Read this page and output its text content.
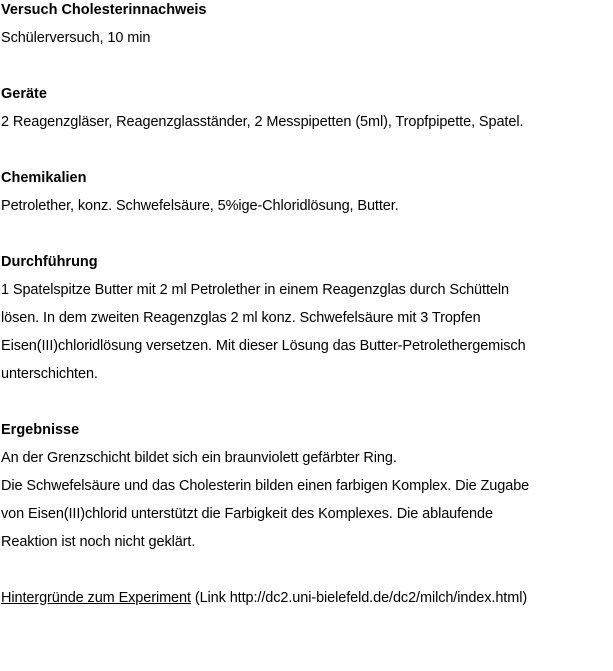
Versuch Cholesterinnachweis
Schülerversuch, 10 min
Geräte
2 Reagenzgläser, Reagenzglasständer, 2 Messpipetten (5ml), Tropfpipette, Spatel.
Chemikalien
Petrolether, konz. Schwefelsäure, 5%ige-Chloridlösung, Butter.
Durchführung
1 Spatelspitze Butter mit 2 ml Petrolether in einem Reagenzglas durch Schütteln
lösen. In dem zweiten Reagenzglas 2 ml konz. Schwefelsäure mit 3 Tropfen
Eisen(III)chloridlösung versetzen. Mit dieser Lösung das Butter-Petrolethergemisch
unterschichten.
Ergebnisse
An der Grenzschicht bildet sich ein braunviolett gefärbter Ring.
Die Schwefelsäure und das Cholesterin bilden einen farbigen Komplex. Die Zugabe
von Eisen(III)chlorid unterstützt die Farbigkeit des Komplexes. Die ablaufende
Reaktion ist noch nicht geklärt.
Hintergründe zum Experiment (Link http://dc2.uni-bielefeld.de/dc2/milch/index.html)
